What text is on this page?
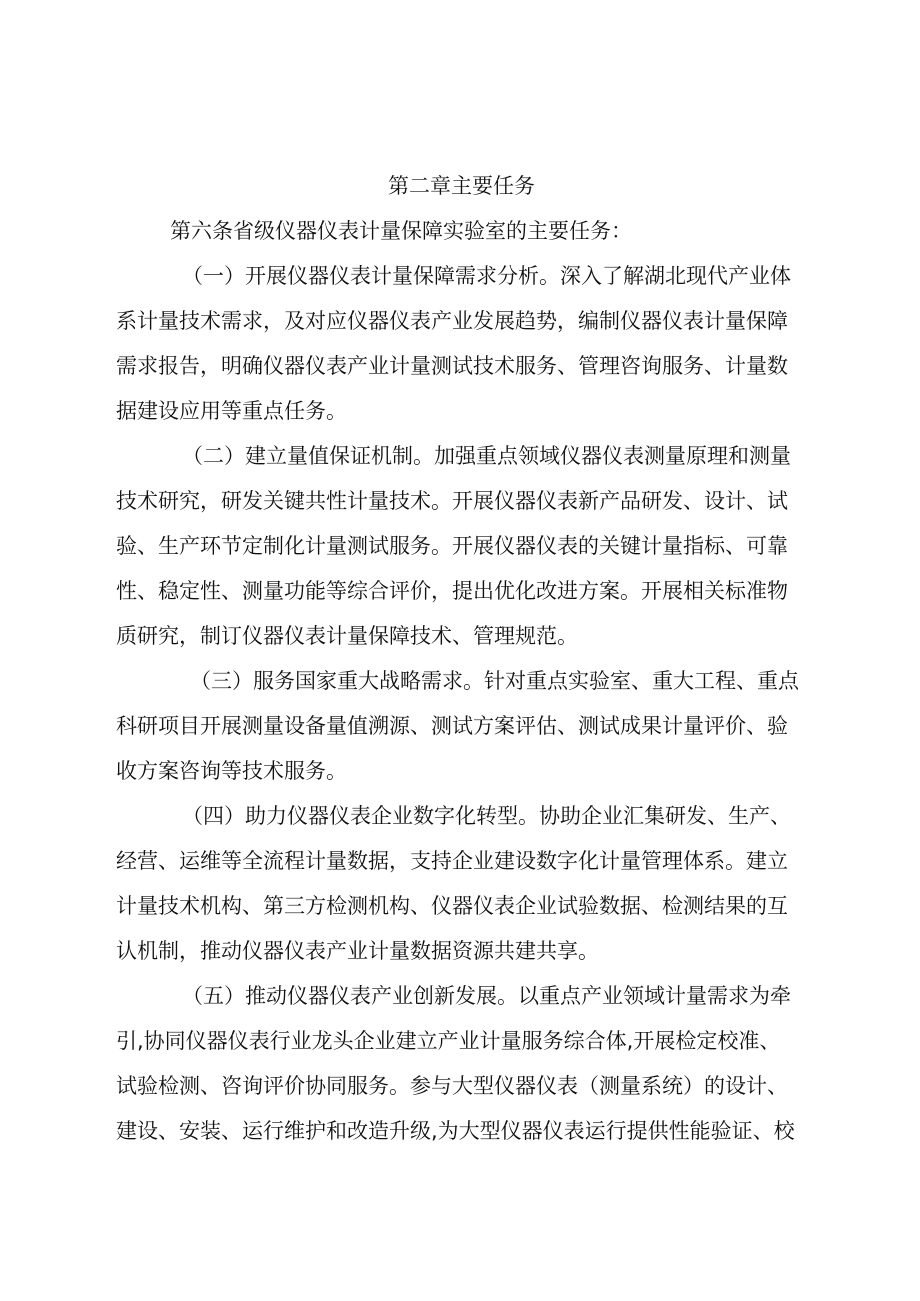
第二章主要任务
第六条省级仪器仪表计量保障实验室的主要任务：
（一）开展仪器仪表计量保障需求分析。深入了解湖北现代产业体
系计量技术需求，及对应仪器仪表产业发展趋势，编制仪器仪表计量保障
需求报告，明确仪器仪表产业计量测试技术服务、管理咨询服务、计量数
据建设应用等重点任务。
（二）建立量值保证机制。加强重点领域仪器仪表测量原理和测量
技术研究，研发关键共性计量技术。开展仪器仪表新产品研发、设计、试
验、生产环节定制化计量测试服务。开展仪器仪表的关键计量指标、可靠
性、稳定性、测量功能等综合评价，提出优化改进方案。开展相关标准物
质研究，制订仪器仪表计量保障技术、管理规范。
（三）服务国家重大战略需求。针对重点实验室、重大工程、重点
科研项目开展测量设备量值溯源、测试方案评估、测试成果计量评价、验
收方案咨询等技术服务。
（四）助力仪器仪表企业数字化转型。协助企业汇集研发、生产、
经营、运维等全流程计量数据，支持企业建设数字化计量管理体系。建立
计量技术机构、第三方检测机构、仪器仪表企业试验数据、检测结果的互
认机制，推动仪器仪表产业计量数据资源共建共享。
（五）推动仪器仪表产业创新发展。以重点产业领域计量需求为牵
引,协同仪器仪表行业龙头企业建立产业计量服务综合体,开展检定校准、
试验检测、咨询评价协同服务。参与大型仪器仪表（测量系统）的设计、
建设、安装、运行维护和改造升级,为大型仪器仪表运行提供性能验证、校
